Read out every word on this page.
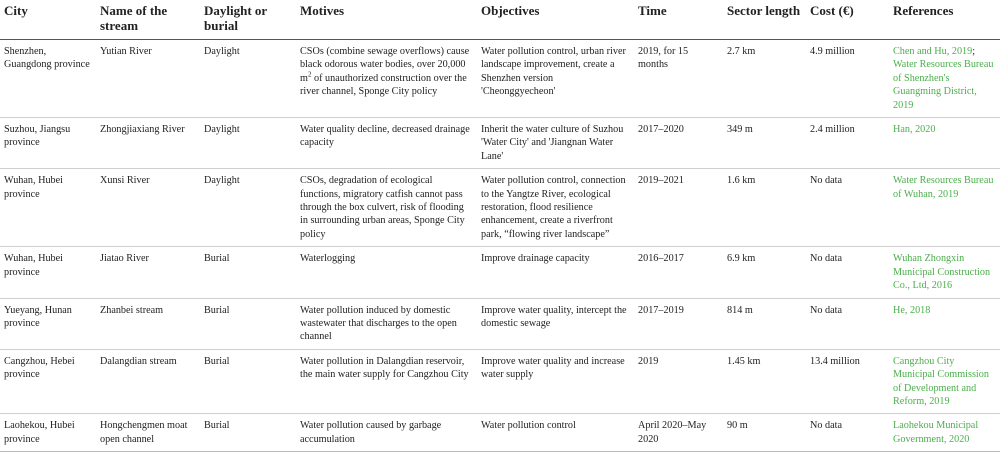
City	Name of the stream	Daylight or burial	Motives	Objectives	Time	Sector length	Cost (€)	References
Shenzhen, Guangdong province	Yutian River	Daylight	CSOs (combine sewage overflows) cause black odorous water bodies, over 20,000 $m^2$ of unauthorized construction over the river channel, Sponge City policy	Water pollution control, urban river landscape improvement, create a Shenzhen version 'Cheonggyecheon'	2019, for 15 months	2.7 km	4.9 million	Chen and Hu, 2019; Water Resources Bureau of Shenzhen's Guangming District, 2019
Suzhou, Jiangsu province	Zhongjiaxiang River	Daylight	Water quality decline, decreased drainage capacity	Inherit the water culture of Suzhou 'Water City' and 'Jiangnan Water Lane'	2017–2020	349 m	2.4 million	Han, 2020
Wuhan, Hubei province	Xunsi River	Daylight	CSOs, degradation of ecological functions, migratory catfish cannot pass through the box culvert, risk of flooding in surrounding urban areas, Sponge City policy	Water pollution control, connection to the Yangtze River, ecological restoration, flood resilience enhancement, create a riverfront park, “flowing river landscape”	2019–2021	1.6 km	No data	Water Resources Bureau of Wuhan, 2019
Wuhan, Hubei province	Jiatao River	Burial	Waterlogging	Improve drainage capacity	2016–2017	6.9 km	No data	Wuhan Zhongxin Municipal Construction Co., Ltd, 2016
Yueyang, Hunan province	Zhanbei stream	Burial	Water pollution induced by domestic wastewater that discharges to the open channel	Improve water quality, intercept the domestic sewage	2017–2019	814 m	No data	He, 2018
Cangzhou, Hebei province	Dalangdian stream	Burial	Water pollution in Dalangdian reservoir, the main water supply for Cangzhou City	Improve water quality and increase water supply	2019	1.45 km	13.4 million	Cangzhou City Municipal Commission of Development and Reform, 2019
Laohekou, Hubei province	Hongchengmen moat open channel	Burial	Water pollution caused by garbage accumulation	Water pollution control	April 2020–May 2020	90 m	No data	Laohekou Municipal Government, 2020
